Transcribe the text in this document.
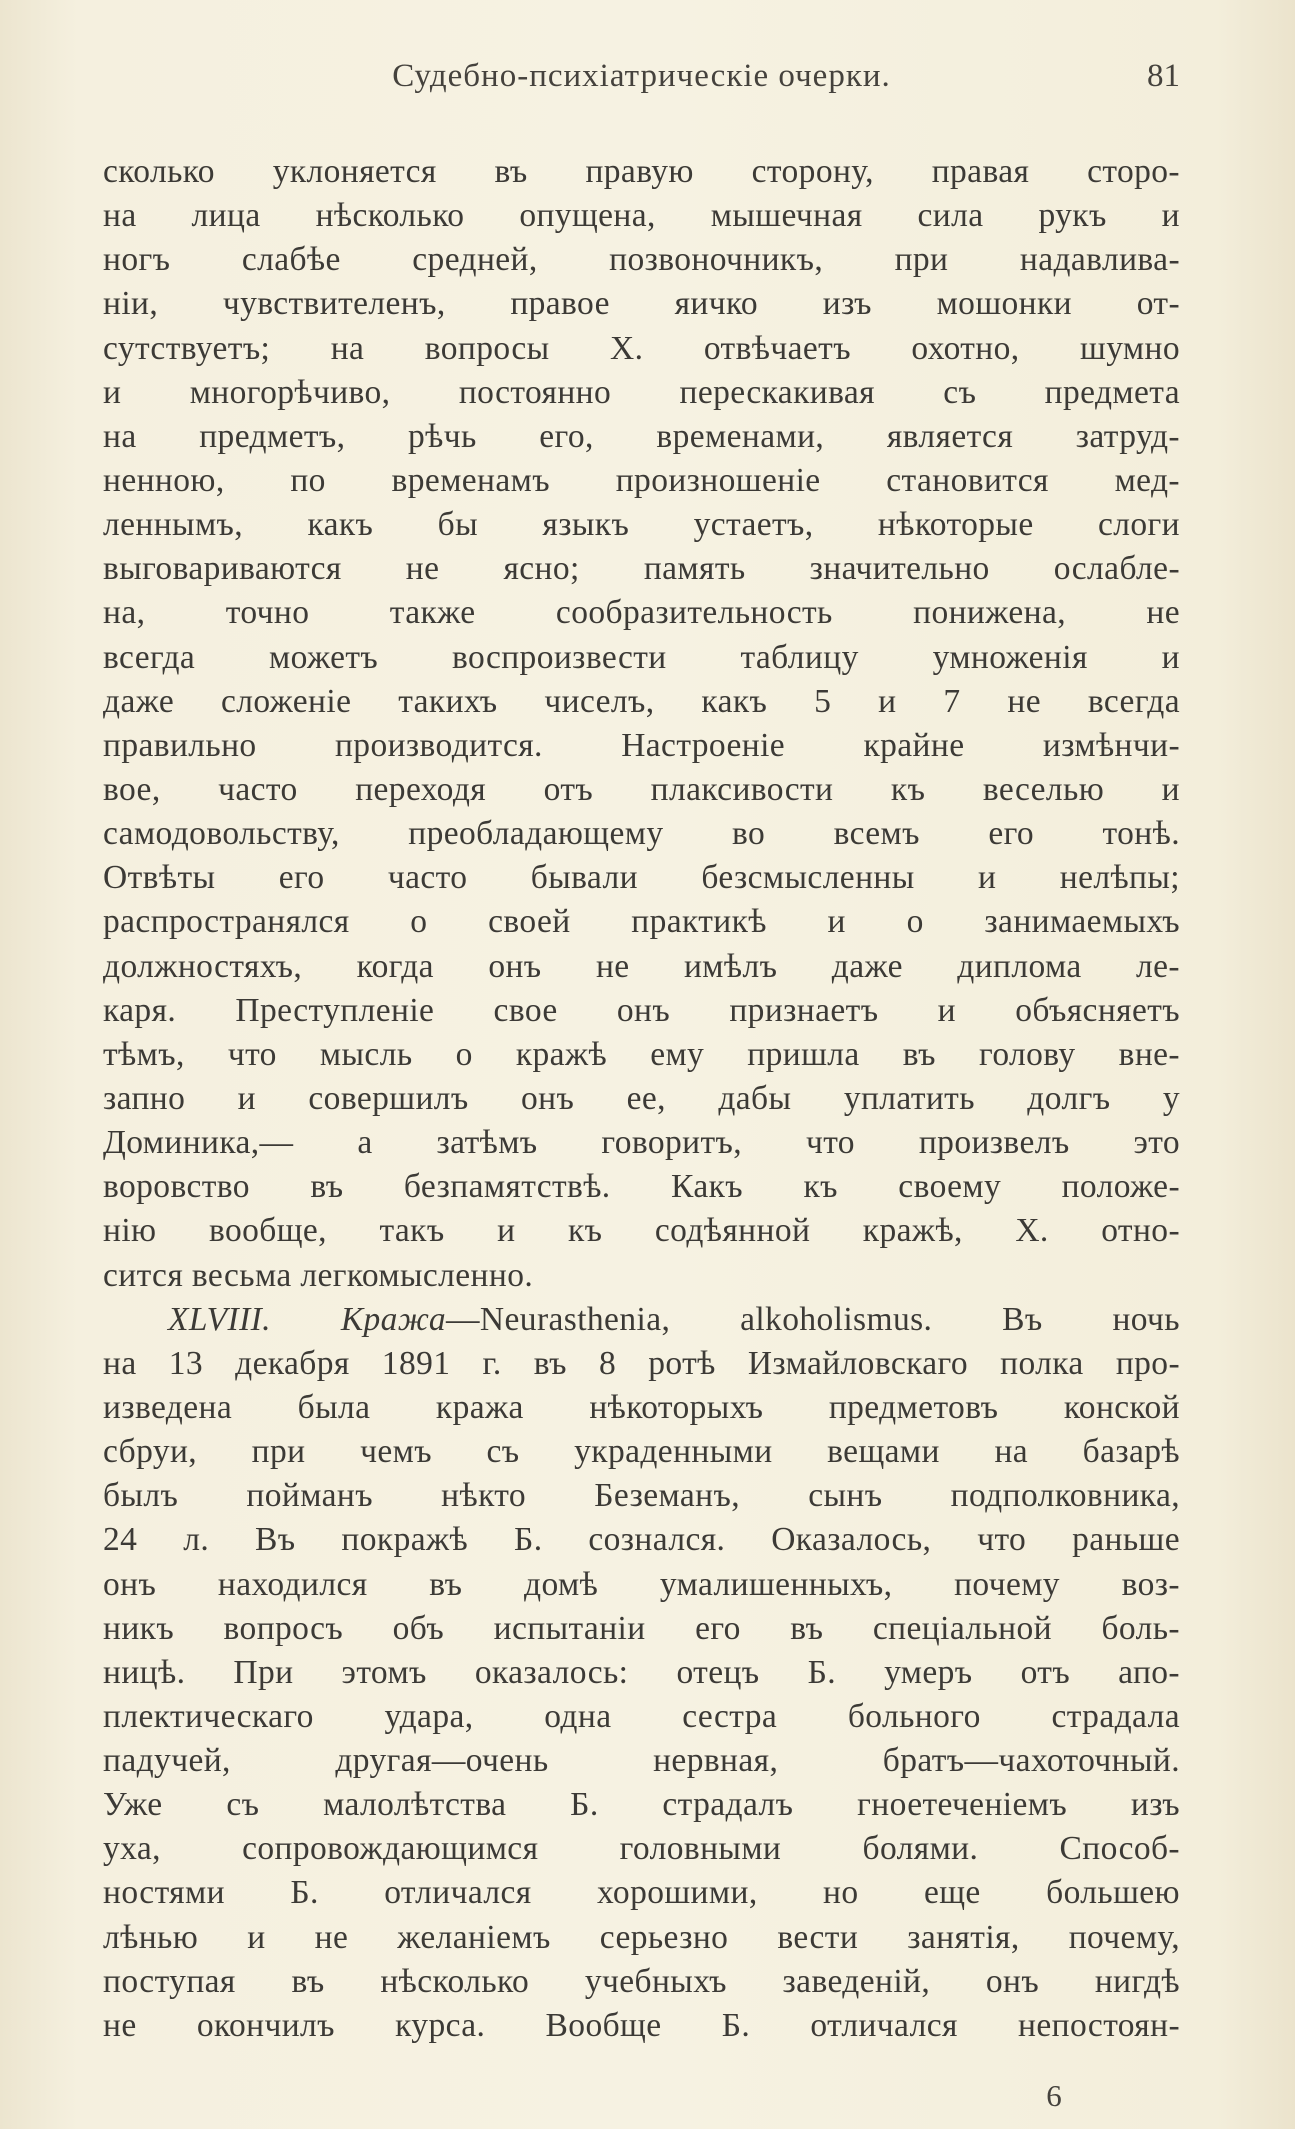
Судебно-психіатрическіе очерки.	81
сколько уклоняется въ правую сторону, правая сторо-
на лица нѣсколько опущена, мышечная сила рукъ и
ногъ слабѣе средней, позвоночникъ, при надавлива-
ніи, чувствителенъ, правое яичко изъ мошонки от-
сутствуетъ; на вопросы X. отвѣчаетъ охотно, шумно
и многорѣчиво, постоянно перескакивая съ предмета
на предметъ, рѣчь его, временами, является затруд-
ненною, по временамъ произношеніе становится мед-
леннымъ, какъ бы языкъ устаетъ, нѣкоторые слоги
выговариваются не ясно; память значительно ослабле-
на, точно также сообразительность понижена, не
всегда можетъ воспроизвести таблицу умноженія и
даже сложеніе такихъ чиселъ, какъ 5 и 7 не всегда
правильно производится. Настроеніе крайне измѣнчи-
вое, часто переходя отъ плаксивости къ веселью и
самодовольству, преобладающему во всемъ его тонѣ.
Отвѣты его часто бывали безсмысленны и нелѣпы;
распространялся о своей практикѣ и о занимаемыхъ
должностяхъ, когда онъ не имѣлъ даже диплома ле-
каря. Преступленіе свое онъ признаетъ и объясняетъ
тѣмъ, что мысль о кражѣ ему пришла въ голову вне-
запно и совершилъ онъ ее, дабы уплатить долгъ у
Доминика,— а затѣмъ говоритъ, что произвелъ это
воровство въ безпамятствѣ. Какъ къ своему положе-
нію вообще, такъ и къ содѣянной кражѣ, X. отно-
сится весьма легкомысленно.
XLVIII. Кража—Neurasthenia, alkoholismus. Въ ночь
на 13 декабря 1891 г. въ 8 ротѣ Измайловскаго полка про-
изведена была кража нѣкоторыхъ предметовъ конской
сбруи, при чемъ съ украденными вещами на базарѣ
былъ пойманъ нѣкто Беземанъ, сынъ подполковника,
24 л. Въ покражѣ Б. сознался. Оказалось, что раньше
онъ находился въ домѣ умалишенныхъ, почему воз-
никъ вопросъ объ испытаніи его въ спеціальной боль-
ницѣ. При этомъ оказалось: отецъ Б. умеръ отъ апо-
плектическаго удара, одна сестра больного страдала
падучей, другая—очень нервная, братъ—чахоточный.
Уже съ малолѣтства Б. страдалъ гноетеченіемъ изъ
уха, сопровождающимся головными болями. Способ-
ностями Б. отличался хорошими, но еще большею
лѣнью и не желаніемъ серьезно вести занятія, почему,
поступая въ нѣсколько учебныхъ заведеній, онъ нигдѣ
не окончилъ курса. Вообще Б. отличался непостоян-
6
